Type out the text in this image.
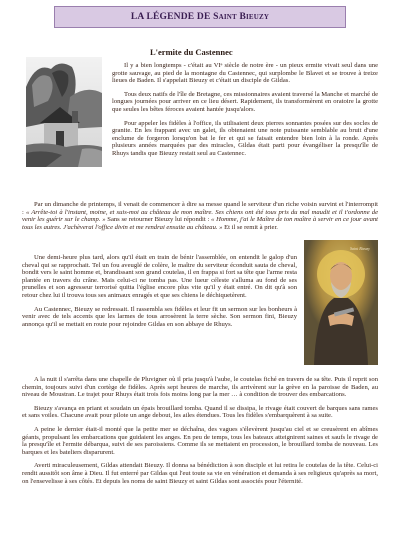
LA LÉGENDE DE Saint Bieuzy
L'ermite du Castennec
Saint Bieuzy

Il y a bien longtemps - c'était au VIᵉ siècle de notre ère - un pieux ermite vivait seul dans une grotte sauvage, au pied de la montagne du Castennec, qui surplombe le Blavet et se trouve à treize lieues de Baden. Il s'appelait Bieuzy et c'était un disciple de Gildas.

Tous deux natifs de l'île de Bretagne, ces missionnaires avaient traversé la Manche et marché de longues journées pour arriver en ce lieu désert. Rapidement, ils transformèrent en oratoire la grotte que seules les bêtes féroces avaient hantée jusqu'alors.

Pour appeler les fidèles à l'office, ils utilisaient deux pierres sonnantes posées sur des socles de granite. En les frappant avec un galet, ils obtenaient une note puissante semblable au bruit d'une enclume de forgeron lorsqu'on bat le fer et qui se faisait entendre bien loin à la ronde. Après plusieurs années marquées par des miracles, Gildas était parti pour évangéliser la presqu'île de Rhuys tandis que Bieuzy restait seul au Castennec.

Par un dimanche de printemps, il venait de commencer à dire sa messe quand le serviteur d'un riche voisin survint et l'interrompit : « Arrête-toi à l'instant, moine, et suis-moi au château de mon maître. Ses chiens ont été tous pris du mal maudit et il t'ordonne de venir les guérir sur le champ. » Sans se retourner Bieuzy lui répondit : « Homme, j'ai le Maître de ton maître à servir en ce jour avant tous les autres. J'achèverai l'office divin et me rendrai ensuite au château. » Et il se remit à prier.

Une demi-heure plus tard, alors qu'il était en train de bénir l'assemblée, on entendit le galop d'un cheval qui se rapprochait. Tel un fou aveuglé de colère, le maître du serviteur éconduit sauta de cheval, bondit vers le saint homme et, brandissant son grand coutelas, il en frappa si fort sa tête que l'arme resta plantée en travers du crâne. Mais celui-ci ne tomba pas. Une lueur céleste s'alluma au fond de ses prunelles et son agresseur terrorisé quitta l'église encore plus vite qu'il y était entré. On dit qu'à son retour chez lui il trouva tous ses animaux enragés et que ses chiens le déchiquetèrent.

Au Castennec, Bieuzy se redressait. Il rassembla ses fidèles et leur fit un sermon sur les bonheurs à venir avec de tels accents que les larmes de tous arrosèrent la terre sèche. Son sermon fini, Bieuzy annonça qu'il se mettait en route pour rejoindre Gildas en son abbaye de Rhuys.

A la nuit il s'arrêta dans une chapelle de Pluvigner où il pria jusqu'à l'aube, le coutelas fiché en travers de sa tête. Puis il reprit son chemin, toujours suivi d'un cortège de fidèles. Après sept heures de marche, ils arrivèrent sur la grève en la paroisse de Baden, au niveau de Moustran. Le trajet pour Rhuys était trois fois moins long par la mer … à condition de trouver des embarcations.

Bieuzy s'avança en priant et soudain un épais brouillard tomba. Quand il se dissipa, le rivage était couvert de barques sans rames et sans voiles. Chacune avait pour pilote un ange debout, les ailes étendues. Tous les fidèles s'embarquèrent à sa suite.

A peine le dernier était-il monté que la petite mer se déchaîna, des vagues s'élevèrent jusqu'au ciel et se creusèrent en abîmes géants, propulsant les embarcations que guidaient les anges. En peu de temps, tous les bateaux atteignirent saines et saufs le rivage de la presqu'île et l'ermite débarqua, suivi de ses paroissiens. Comme ils se mettaient en procession, le brouillard tomba de nouveau. Les barques et les bateliers disparurent.

Averti miraculeusement, Gildas attendait Bieuzy. Il donna sa bénédiction à son disciple et lui retira le coutelas de la tête. Celui-ci rendit aussitôt son âme à Dieu. Il fut enterré par Gildas qui l'eut toute sa vie en vénération et demanda à ses religieux qu'après sa mort, on l'ensevelisse à ses côtés. Et depuis les noms de saint Bieuzy et saint Gildas sont associés pour l'éternité.
